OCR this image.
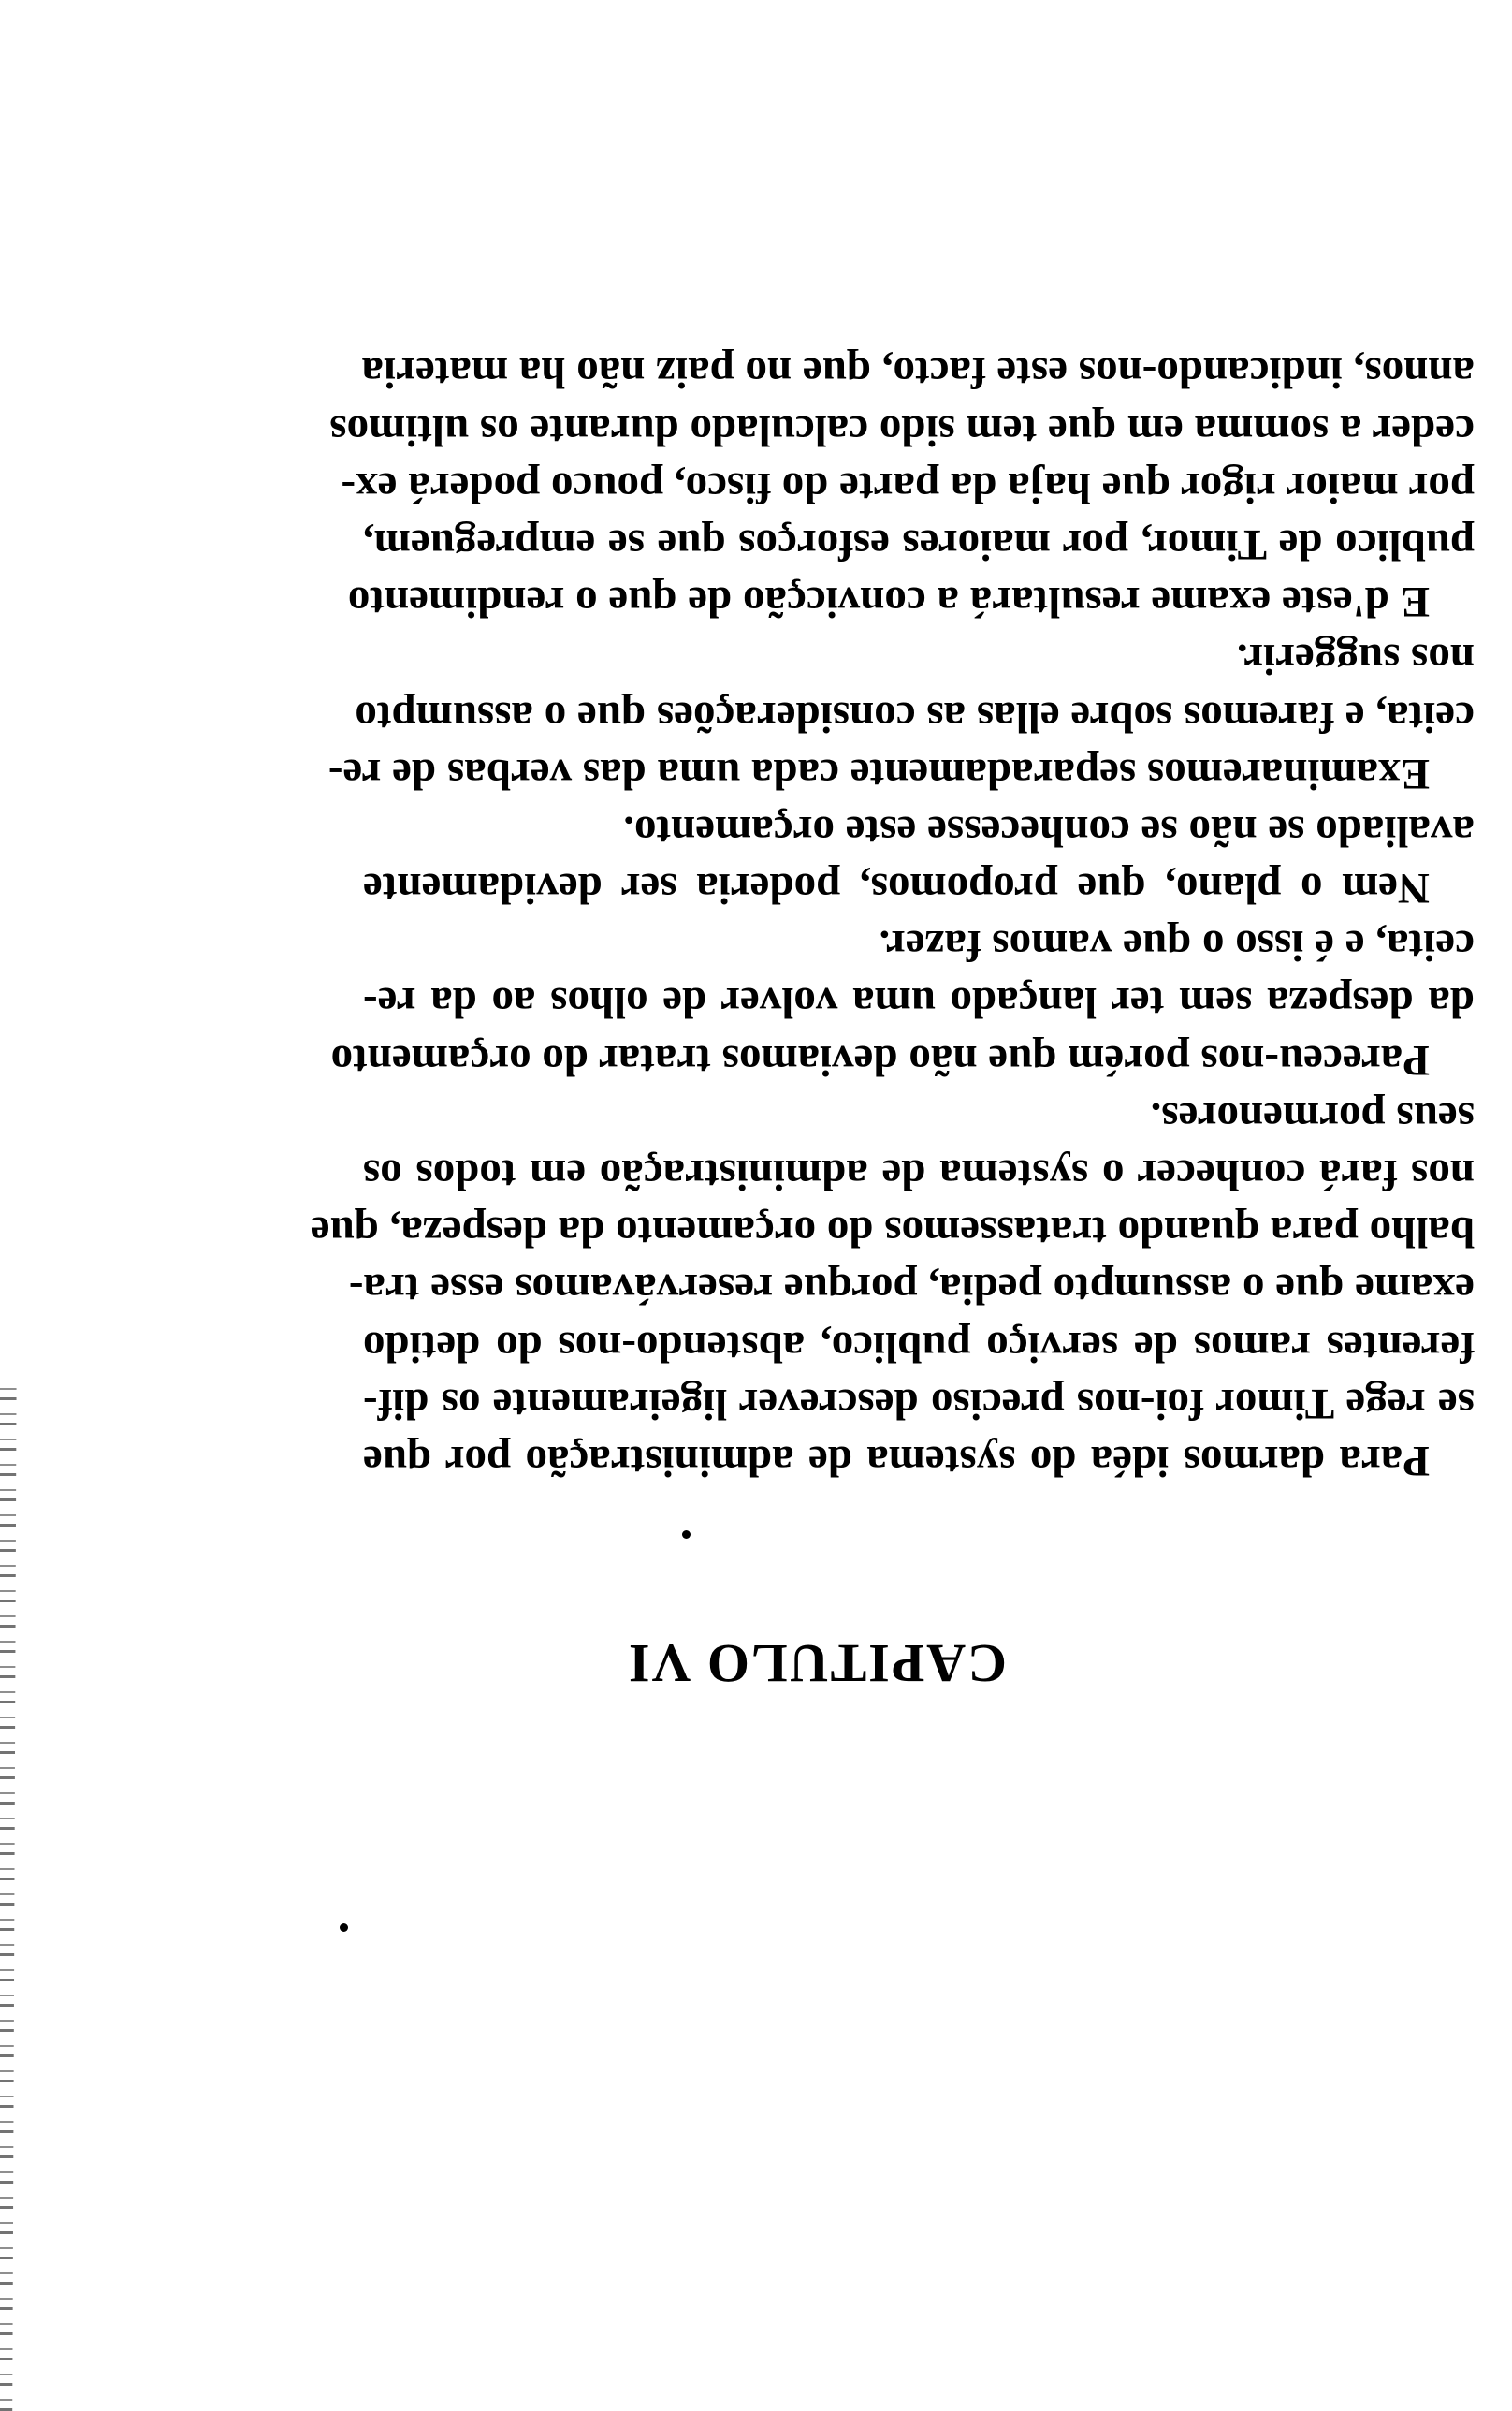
CAPITULO VI
Para darmos idéa do systema de administração por que
se rege Timor foi-nos preciso descrever ligeiramente os dif-
ferentes ramos de serviço publico, abstendo-nos do detido
exame que o assumpto pedia, porque reservávamos esse tra-
balho para quando tratassemos do orçamento da despeza, que
nos fará conhecer o systema de administração em todos os
seus pormenores.
Pareceu-nos porém que não deviamos tratar do orçamento
da despeza sem ter lançado uma volver de olhos ao da re-
ceita, e é isso o que vamos fazer.
Nem o plano, que propomos, poderia ser devidamente
avaliado se não se conhecesse este orçamento.
Examinaremos separadamente cada uma das verbas de re-
ceita, e faremos sobre ellas as considerações que o assumpto
nos suggerir.
E d'este exame resultará a convicção de que o rendimento
publico de Timor, por maiores esforços que se empreguem,
por maior rigor que haja da parte do fisco, pouco poderá ex-
ceder a somma em que tem sido calculado durante os ultimos
annos, indicando-nos este facto, que no paiz não ha materia
